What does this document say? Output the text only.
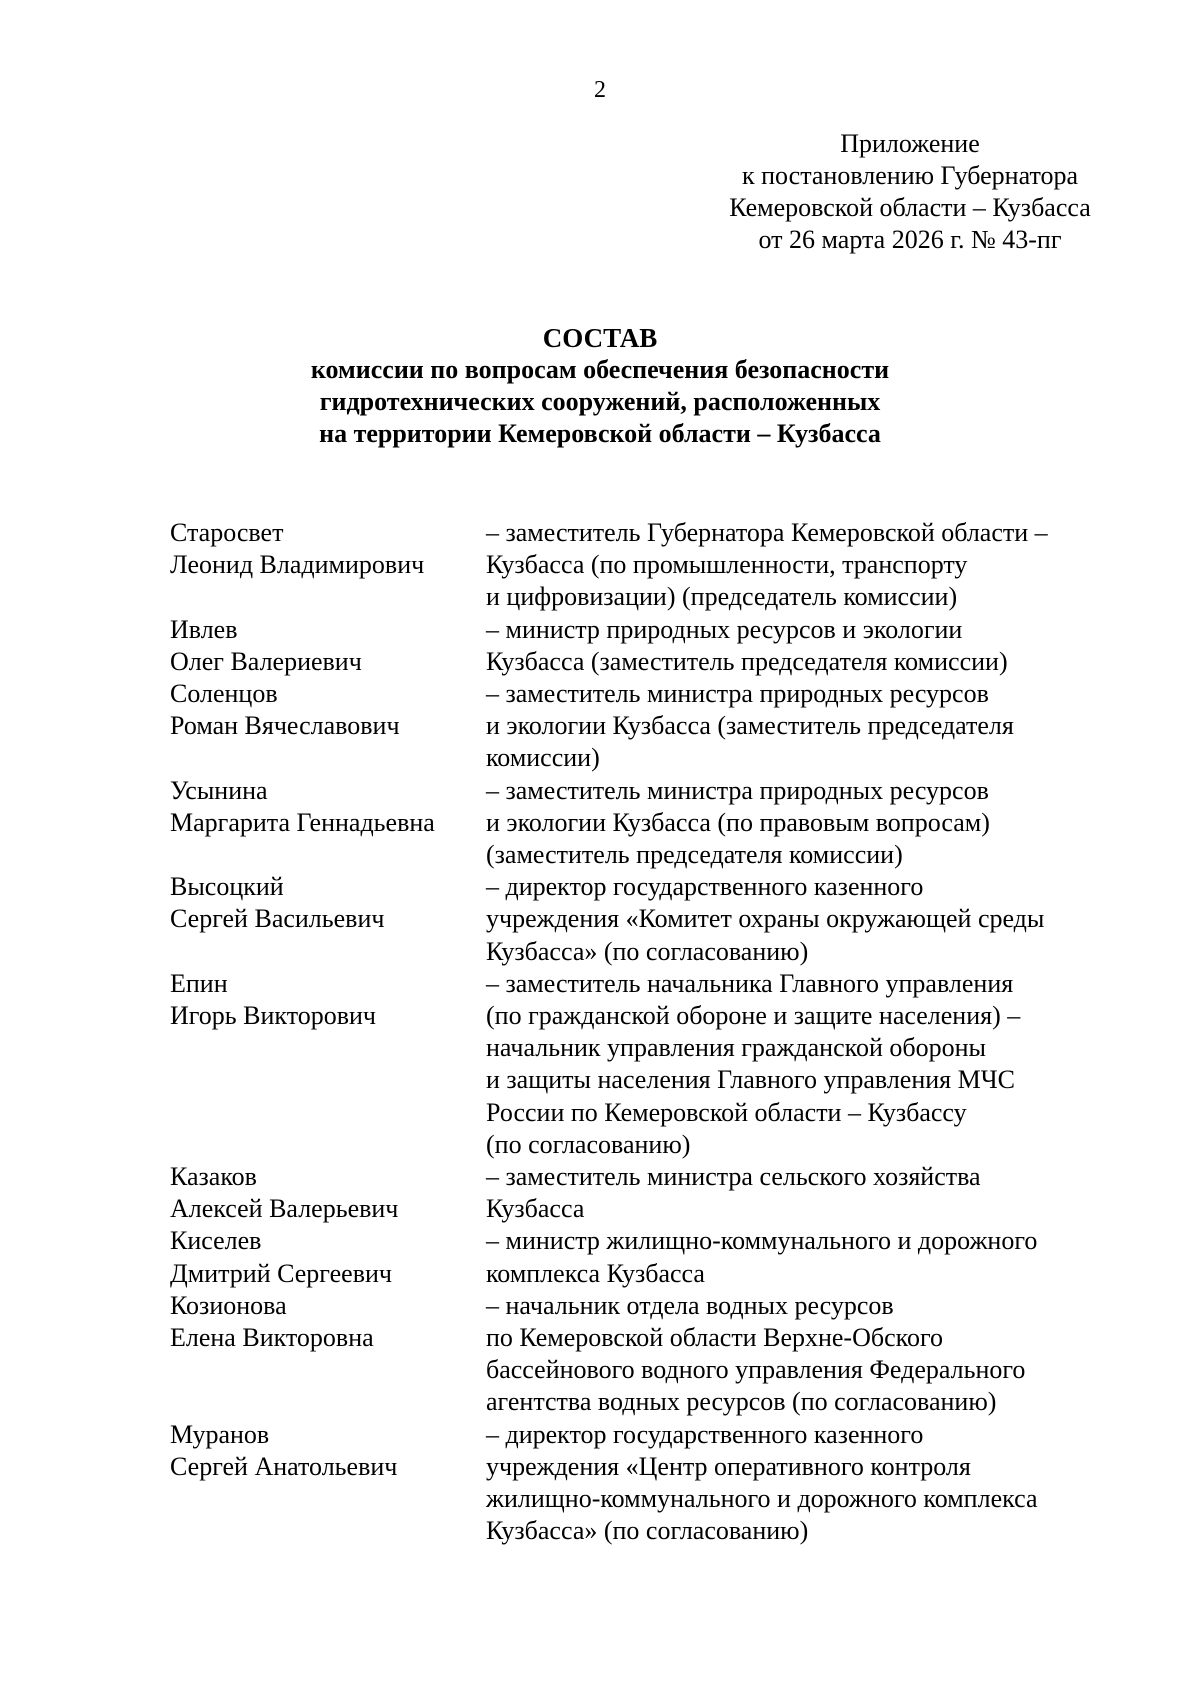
2
Приложение
к постановлению Губернатора
Кемеровской области – Кузбасса
от 26 марта 2026 г. № 43-пг
СОСТАВ
комиссии по вопросам обеспечения безопасности
гидротехнических сооружений, расположенных
на территории Кемеровской области – Кузбасса
Старосвет
Леонид Владимирович
– заместитель Губернатора Кемеровской области –
Кузбасса (по промышленности, транспорту
и цифровизации) (председатель комиссии)
Ивлев
Олег Валериевич
– министр природных ресурсов и экологии
Кузбасса (заместитель председателя комиссии)
Соленцов
Роман Вячеславович
– заместитель министра природных ресурсов
и экологии Кузбасса (заместитель председателя
комиссии)
Усынина
Маргарита Геннадьевна
– заместитель министра природных ресурсов
и экологии Кузбасса (по правовым вопросам)
(заместитель председателя комиссии)
Высоцкий
Сергей Васильевич
– директор государственного казенного
учреждения «Комитет охраны окружающей среды
Кузбасса» (по согласованию)
Епин
Игорь Викторович
– заместитель начальника Главного управления
(по гражданской обороне и защите населения) –
начальник управления гражданской обороны
и защиты населения Главного управления МЧС
России по Кемеровской области – Кузбассу
(по согласованию)
Казаков
Алексей Валерьевич
– заместитель министра сельского хозяйства
Кузбасса
Киселев
Дмитрий Сергеевич
– министр жилищно-коммунального и дорожного
комплекса Кузбасса
Козионова
Елена Викторовна
– начальник отдела водных ресурсов
по Кемеровской области Верхне-Обского
бассейнового водного управления Федерального
агентства водных ресурсов (по согласованию)
Муранов
Сергей Анатольевич
– директор государственного казенного
учреждения «Центр оперативного контроля
жилищно-коммунального и дорожного комплекса
Кузбасса» (по согласованию)
